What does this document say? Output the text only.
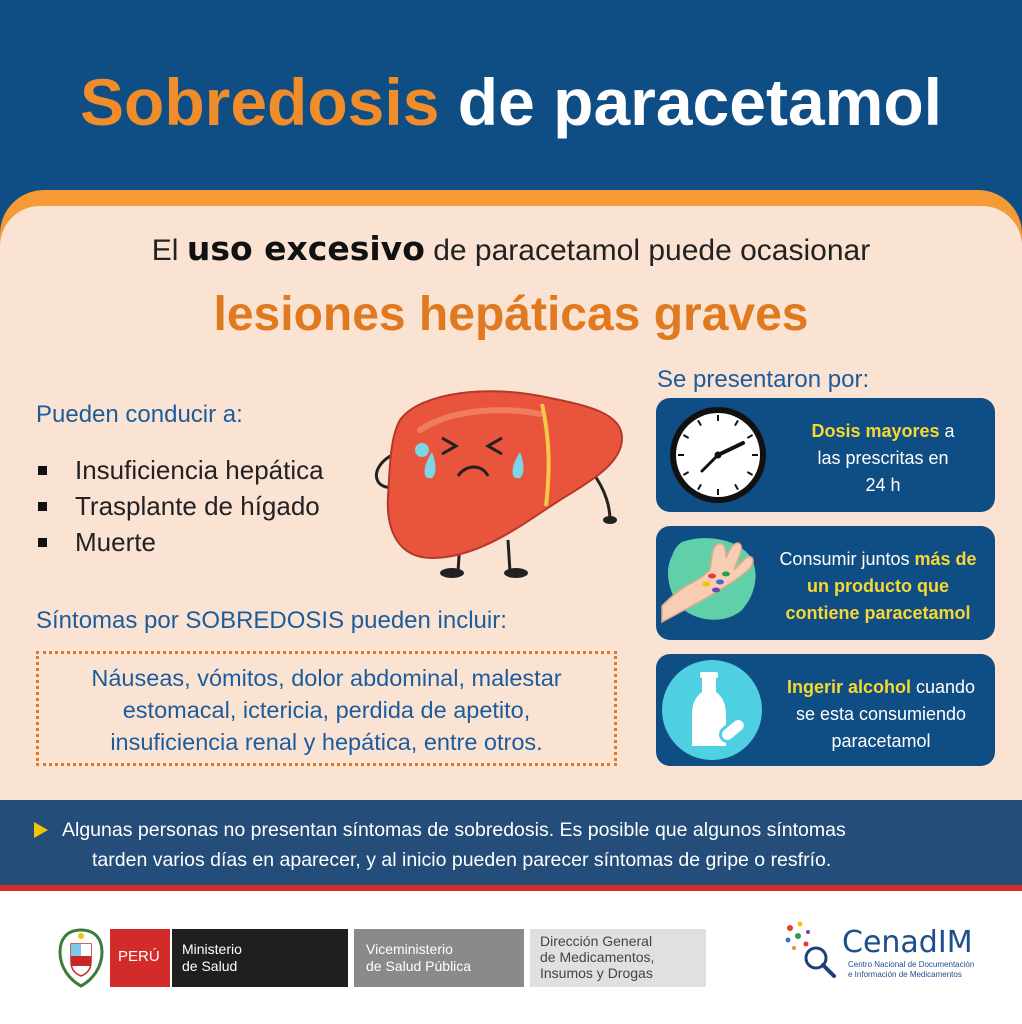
Sobredosis de paracetamol
El uso excesivo de paracetamol puede ocasionar
lesiones hepáticas graves
Pueden conducir a:
Insuficiencia hepática
Trasplante de hígado
Muerte
Síntomas por SOBREDOSIS pueden incluir:
Náuseas, vómitos, dolor abdominal, malestar
estomacal, ictericia, perdida de apetito,
insuficiencia renal y hepática, entre otros.
Se presentaron por:
Dosis mayores a
las prescritas en
24 h
Consumir juntos más de
un producto que
contiene paracetamol
Ingerir alcohol cuando
se esta consumiendo
paracetamol
Algunas personas no presentan síntomas de sobredosis. Es posible que algunos síntomas
tarden varios días en aparecer, y al inicio pueden parecer síntomas de gripe o resfrío.
PERÚ Ministerio
de Salud
Viceministerio
de Salud Pública
Dirección General
de Medicamentos,
Insumos y Drogas
CenadIM
Centro Nacional de Documentación
e Información de Medicamentos
